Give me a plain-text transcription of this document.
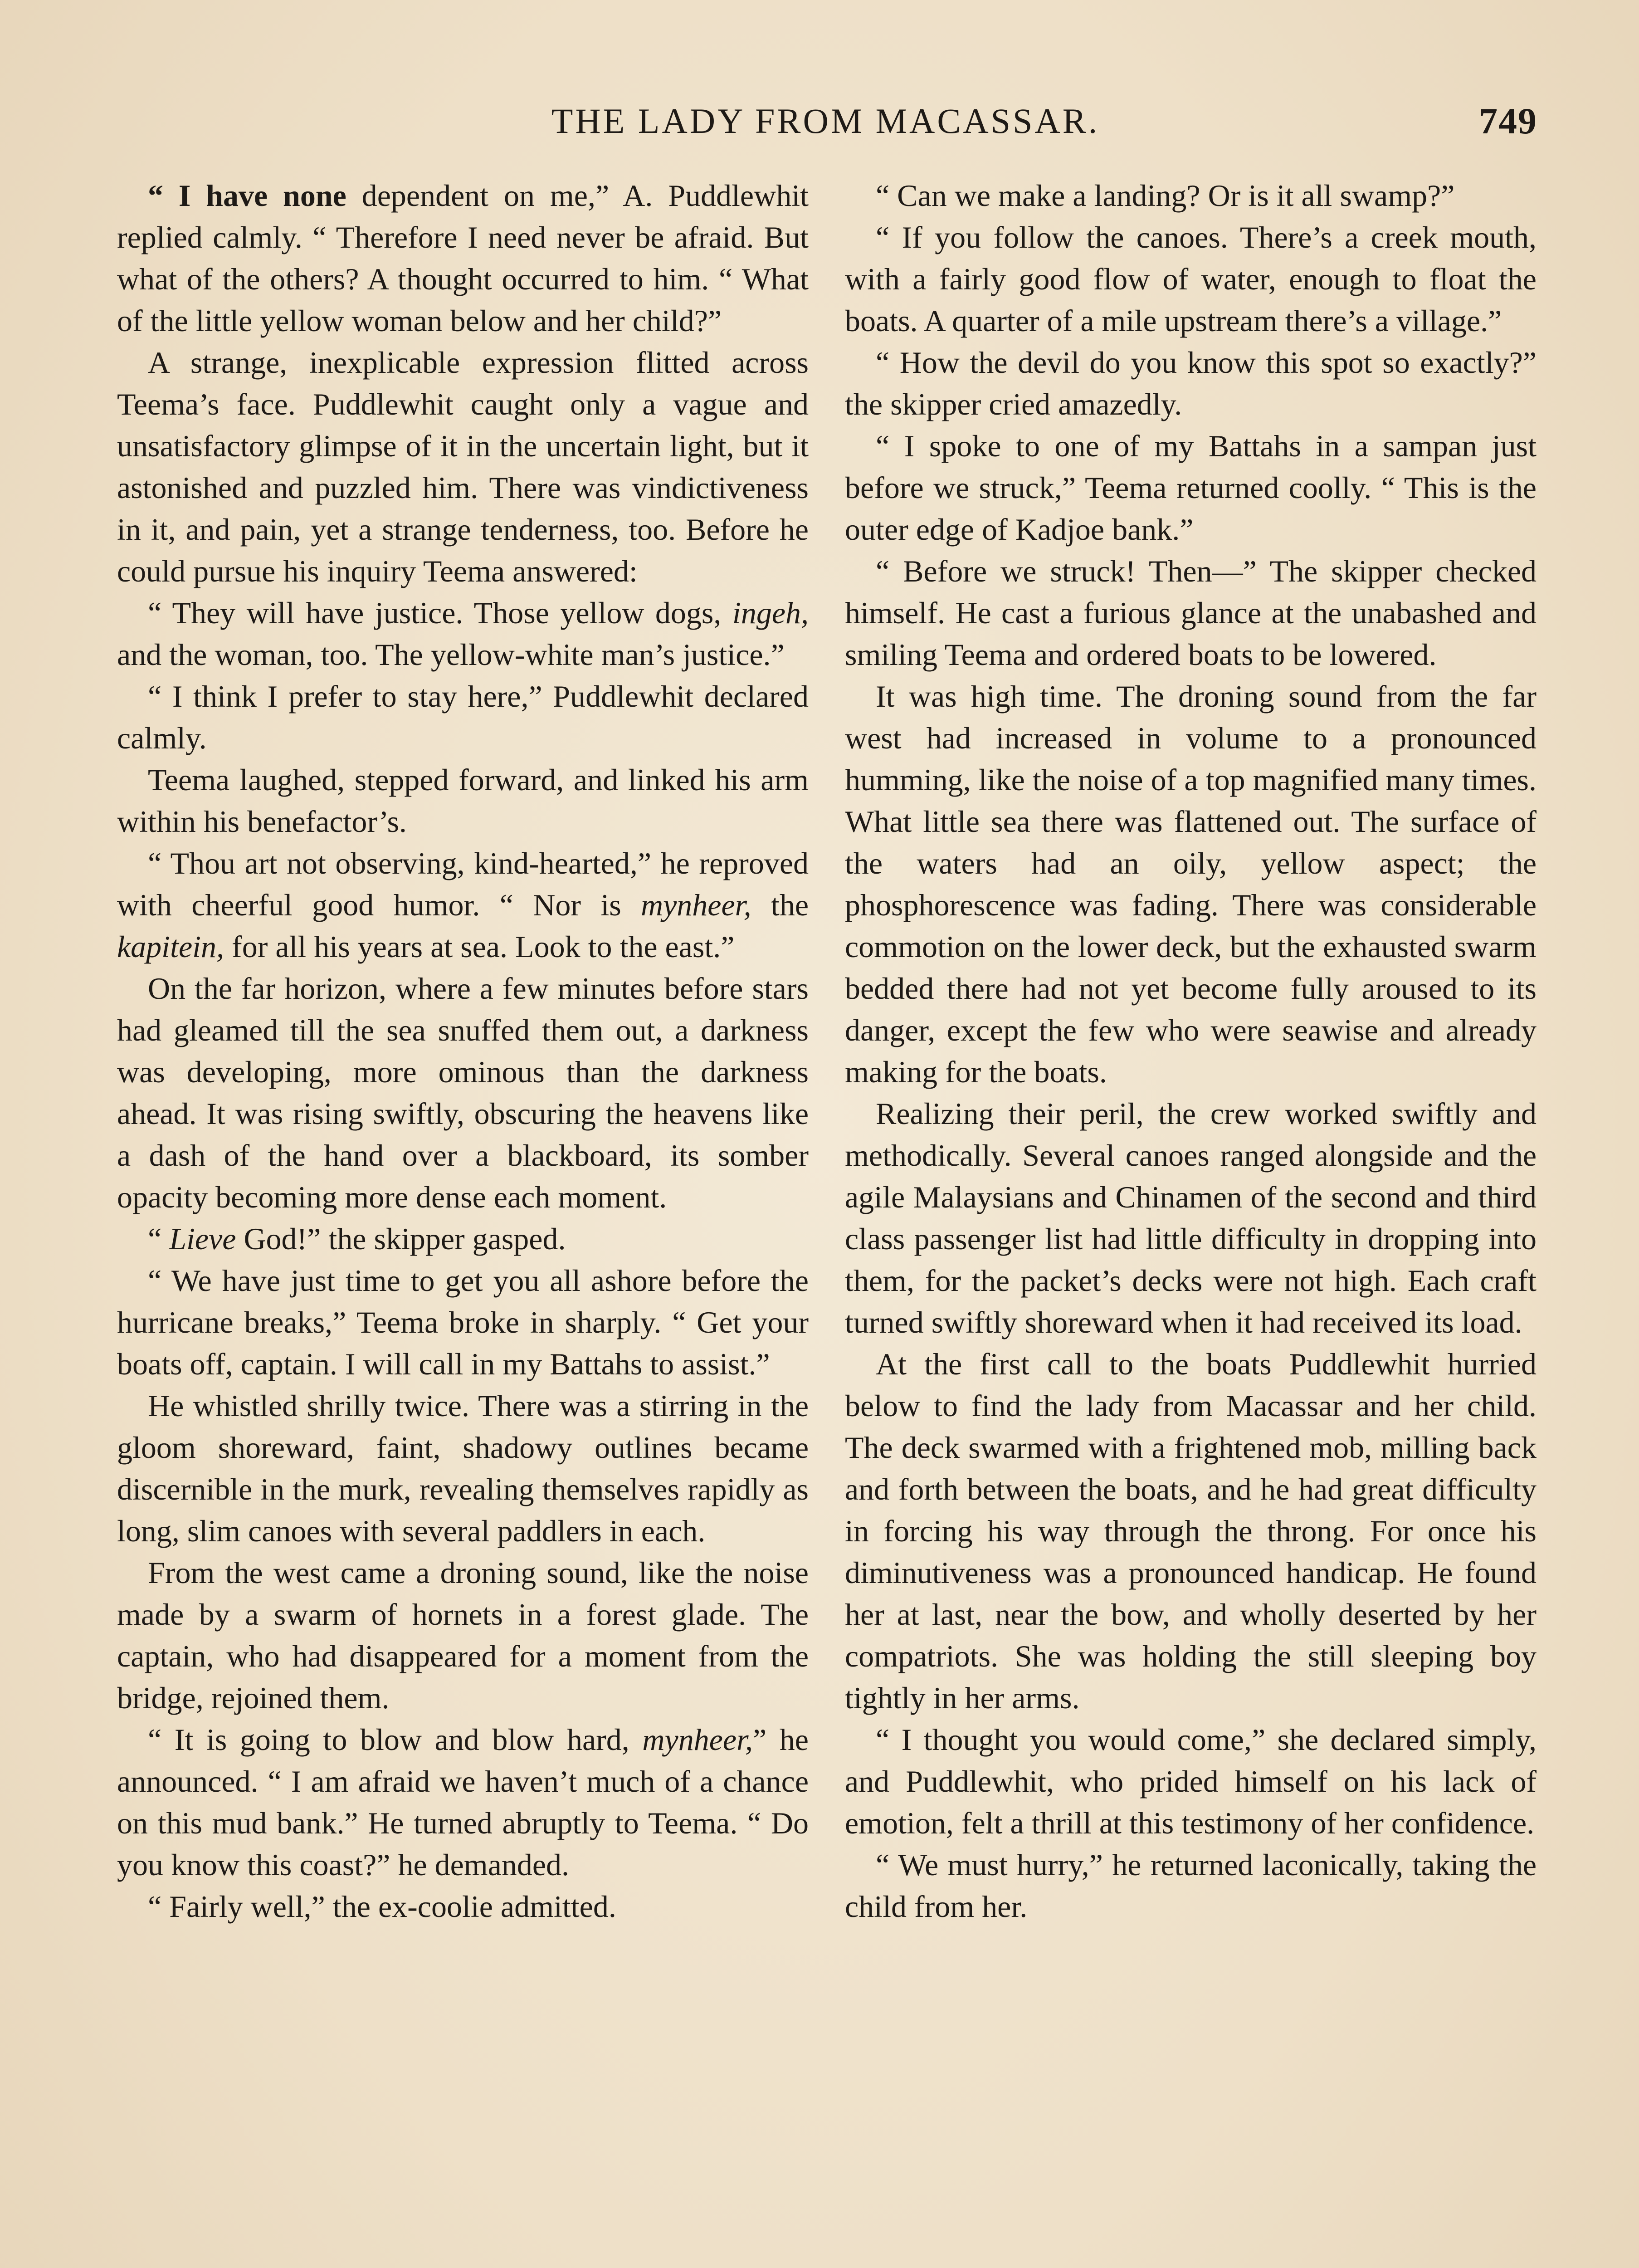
THE LADY FROM MACASSAR.	749

“ I have none dependent on me,” A. Puddlewhit replied calmly. “ Therefore I need never be afraid. But what of the others? A thought occurred to him. “ What of the little yellow woman below and her child?”

A strange, inexplicable expression flitted across Teema’s face. Puddlewhit caught only a vague and unsatisfactory glimpse of it in the uncertain light, but it astonished and puzzled him. There was vindictiveness in it, and pain, yet a strange tenderness, too. Before he could pursue his inquiry Teema answered:

“ They will have justice. Those yellow dogs, ingeh, and the woman, too. The yellow-white man’s justice.”

“ I think I prefer to stay here,” Puddlewhit declared calmly.

Teema laughed, stepped forward, and linked his arm within his benefactor’s.

“ Thou art not observing, kind-hearted,” he reproved with cheerful good humor. “ Nor is mynheer, the kapitein, for all his years at sea. Look to the east.”

On the far horizon, where a few minutes before stars had gleamed till the sea snuffed them out, a darkness was developing, more ominous than the darkness ahead. It was rising swiftly, obscuring the heavens like a dash of the hand over a blackboard, its somber opacity becoming more dense each moment.

“ Lieve God!” the skipper gasped.

“ We have just time to get you all ashore before the hurricane breaks,” Teema broke in sharply. “ Get your boats off, captain. I will call in my Battahs to assist.”

He whistled shrilly twice. There was a stirring in the gloom shoreward, faint, shadowy outlines became discernible in the murk, revealing themselves rapidly as long, slim canoes with several paddlers in each.

From the west came a droning sound, like the noise made by a swarm of hornets in a forest glade. The captain, who had disappeared for a moment from the bridge, rejoined them.

“ It is going to blow and blow hard, mynheer,” he announced. “ I am afraid we haven’t much of a chance on this mud bank.” He turned abruptly to Teema. “ Do you know this coast?” he demanded.

“ Fairly well,” the ex-coolie admitted.

“ Can we make a landing? Or is it all swamp?”

“ If you follow the canoes. There’s a creek mouth, with a fairly good flow of water, enough to float the boats. A quarter of a mile upstream there’s a village.”

“ How the devil do you know this spot so exactly?” the skipper cried amazedly.

“ I spoke to one of my Battahs in a sampan just before we struck,” Teema returned coolly. “ This is the outer edge of Kadjoe bank.”

“ Before we struck! Then—” The skipper checked himself. He cast a furious glance at the unabashed and smiling Teema and ordered boats to be lowered.

It was high time. The droning sound from the far west had increased in volume to a pronounced humming, like the noise of a top magnified many times. What little sea there was flattened out. The surface of the waters had an oily, yellow aspect; the phosphorescence was fading. There was considerable commotion on the lower deck, but the exhausted swarm bedded there had not yet become fully aroused to its danger, except the few who were seawise and already making for the boats.

Realizing their peril, the crew worked swiftly and methodically. Several canoes ranged alongside and the agile Malaysians and Chinamen of the second and third class passenger list had little difficulty in dropping into them, for the packet’s decks were not high. Each craft turned swiftly shoreward when it had received its load.

At the first call to the boats Puddlewhit hurried below to find the lady from Macassar and her child. The deck swarmed with a frightened mob, milling back and forth between the boats, and he had great difficulty in forcing his way through the throng. For once his diminutiveness was a pronounced handicap. He found her at last, near the bow, and wholly deserted by her compatriots. She was holding the still sleeping boy tightly in her arms.

“ I thought you would come,” she declared simply, and Puddlewhit, who prided himself on his lack of emotion, felt a thrill at this testimony of her confidence.

“ We must hurry,” he returned laconically, taking the child from her.
